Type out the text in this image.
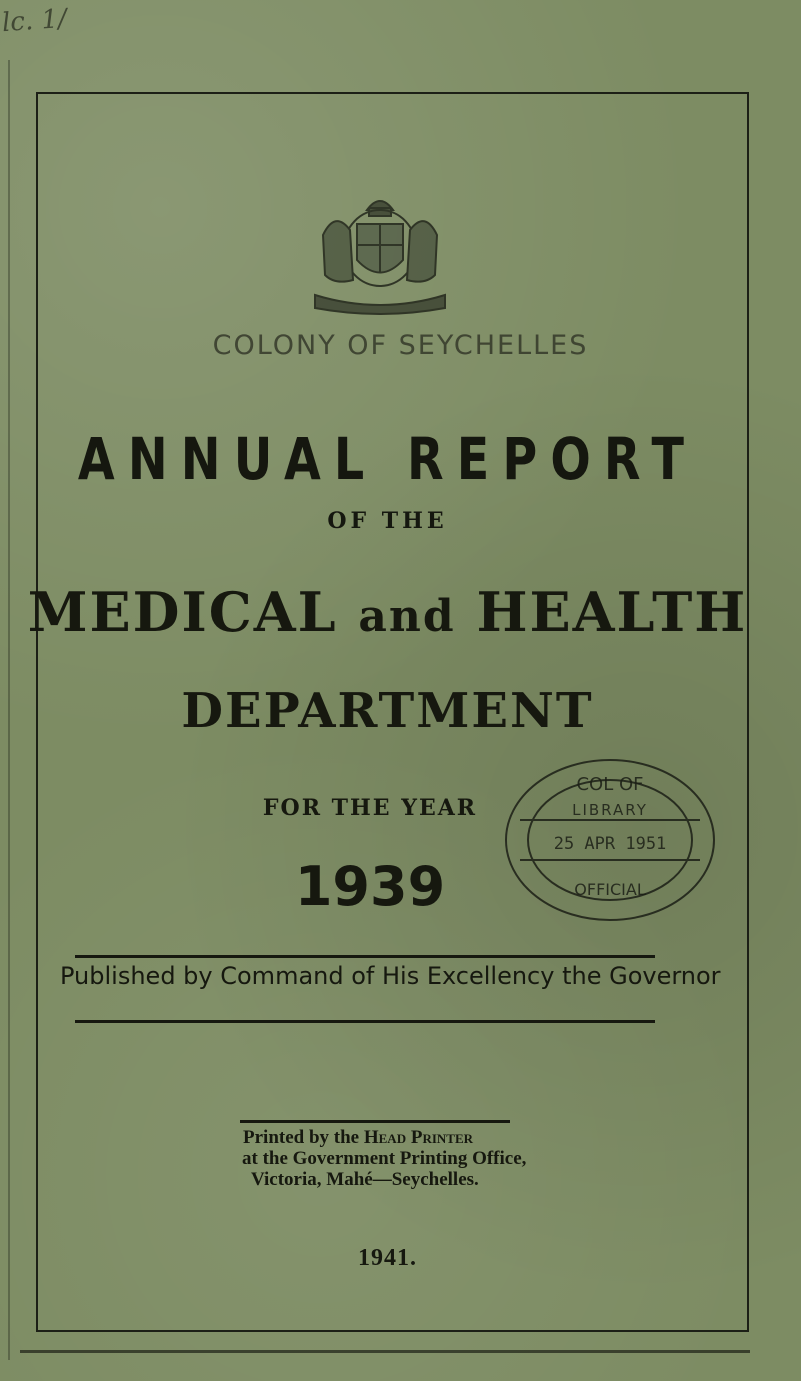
lc. 1/
COLONY OF SEYCHELLES
ANNUAL REPORT
OF THE
MEDICAL and HEALTH
DEPARTMENT
FOR THE YEAR
1939
COL OF
LIBRARY
25 APR 1951
OFFICIAL
Published by Command of His Excellency the Governor
Printed by the Head Printer
at the Government Printing Office,
Victoria, Mahé—Seychelles.
1941.
